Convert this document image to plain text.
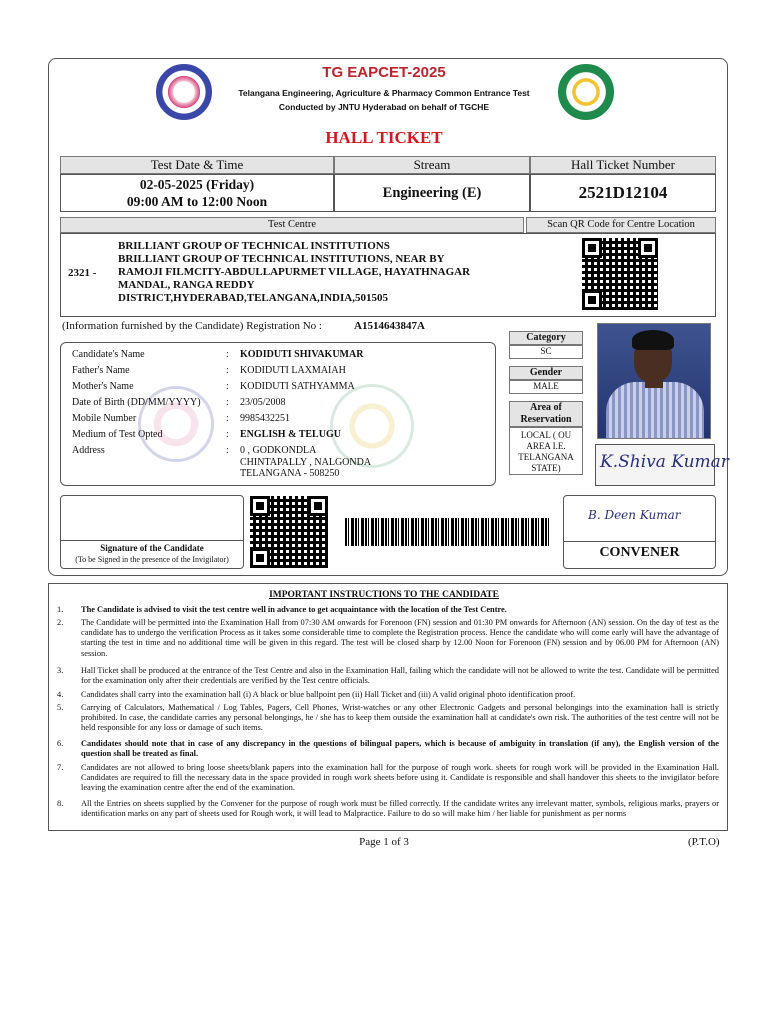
TG EAPCET-2025
Telangana Engineering, Agriculture & Pharmacy Common Entrance Test
Conducted by JNTU Hyderabad on behalf of TGCHE
HALL TICKET
Test Date & Time	Stream	Hall Ticket Number
02-05-2025 (Friday)
09:00 AM to 12:00 Noon
Engineering (E)	2521D12104
Test Centre	Scan QR Code for Centre Location
2321 -
BRILLIANT GROUP OF TECHNICAL INSTITUTIONS
BRILLIANT GROUP OF TECHNICAL INSTITUTIONS, NEAR BY
RAMOJI FILMCITY-ABDULLAPURMET VILLAGE, HAYATHNAGAR
MANDAL, RANGA REDDY
DISTRICT,HYDERABAD,TELANGANA,INDIA,501505
(Information furnished by the Candidate) Registration No :	A1514643847A
Candidate's Name	: KODIDUTI SHIVAKUMAR
Father's Name	: KODIDUTI LAXMAIAH
Mother's Name	: KODIDUTI SATHYAMMA
Date of Birth (DD/MM/YYYY)	: 23/05/2008
Mobile Number	: 9985432251
Medium of Test Opted	: ENGLISH & TELUGU
Address	: 0 , GODKONDLA
CHINTAPALLY , NALGONDA
TELANGANA - 508250
Category
SC
Gender
MALE
Area of
Reservation
LOCAL ( OU
AREA I.E.
TELANGANA
STATE)	K.Shiva Kumar
Signature of the Candidate
(To be Signed in the presence of the Invigilator)
B. Deen Kumar
CONVENER
IMPORTANT INSTRUCTIONS TO THE CANDIDATE
1.	The Candidate is advised to visit the test centre well in advance to get acquaintance with the location of the Test Centre.
2.	The Candidate will be permitted into the Examination Hall from 07:30 AM onwards for Forenoon (FN) session and 01:30 PM onwards for Afternoon (AN) session. On the day of test as the candidate has to undergo the verification Process as it takes some considerable time to complete the Registration process. Hence the candidate who will come early will have the advantage of starting the test in time and no additional time will be given in this regard. The test will be closed sharp by 12.00 Noon for Forenoon (FN) session and by 06.00 PM for Afternoon (AN) session.
3.	Hall Ticket shall be produced at the entrance of the Test Centre and also in the Examination Hall, failing which the candidate will not be allowed to write the test. Candidate will be permitted for the examination only after their credentials are verified by the Test centre officials.
4.	Candidates shall carry into the examination hall (i) A black or blue ballpoint pen (ii) Hall Ticket and (iii) A valid original photo identification proof.
5.	Carrying of Calculators, Mathematical / Log Tables, Pagers, Cell Phones, Wrist-watches or any other Electronic Gadgets and personal belongings into the examination hall is strictly prohibited. In case, the candidate carries any personal belongings, he / she has to keep them outside the examination hall at candidate's own risk. The authorities of the test centre will not be held responsible for any loss or damage of such items.
6.	Candidates should note that in case of any discrepancy in the questions of bilingual papers, which is because of ambiguity in translation (if any), the English version of the question shall be treated as final.
7.	Candidates are not allowed to bring loose sheets/blank papers into the examination hall for the purpose of rough work. sheets for rough work will be provided in the Examination Hall. Candidates are required to fill the necessary data in the space provided in rough work sheets before using it. Candidate is responsible and shall handover this sheets to the invigilator before leaving the examination centre after the end of the examination.
8.	All the Entries on sheets supplied by the Convener for the purpose of rough work must be filled correctly. If the candidate writes any irrelevant matter, symbols, religious marks, prayers or identification marks on any part of sheets used for Rough work, it will lead to Malpractice. Failure to do so will make him / her liable for punishment as per norms
Page 1 of 3	(P.T.O)
